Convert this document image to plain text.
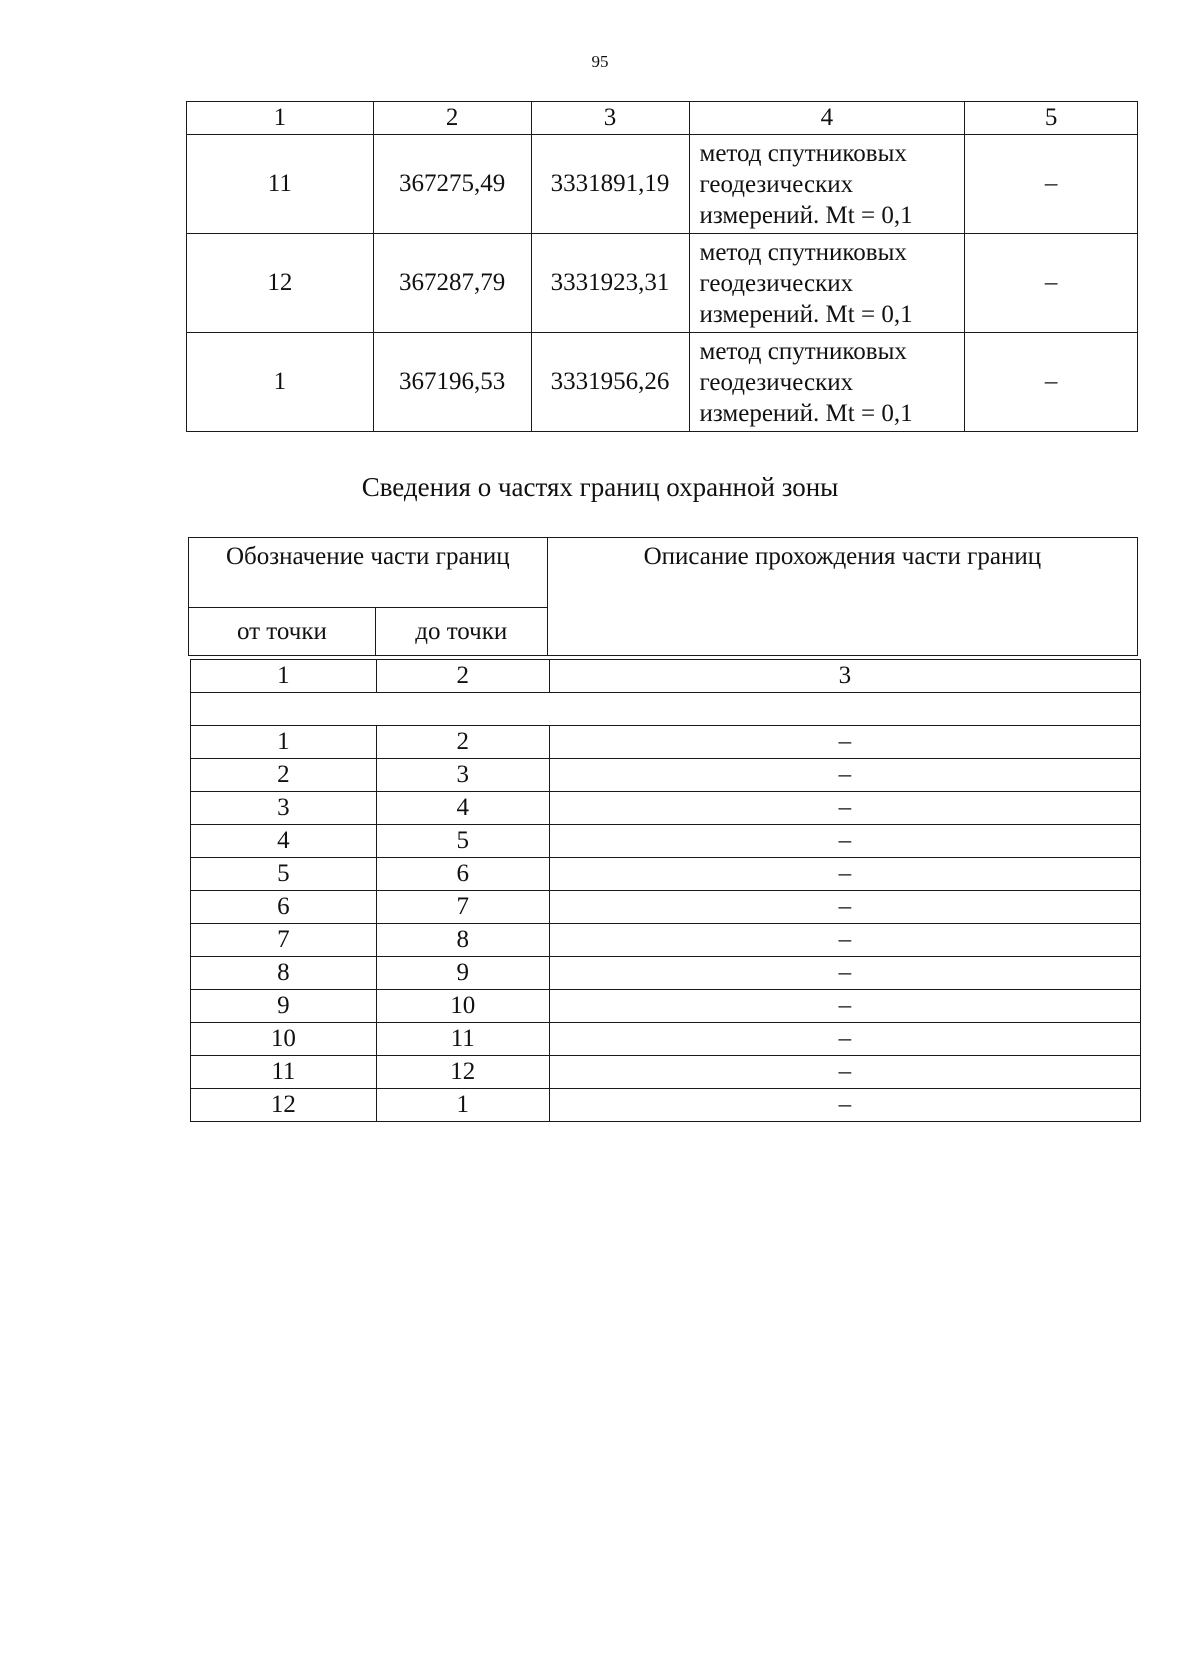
95
1	2	3	4	5
11	367275,49	3331891,19	метод спутниковых
геодезических
измерений. Mt = 0,1	–
12	367287,79	3331923,31	метод спутниковых
геодезических
измерений. Mt = 0,1	–
1	367196,53	3331956,26	метод спутниковых
геодезических
измерений. Mt = 0,1	–
Сведения о частях границ охранной зоны
Обозначение части границ		Описание прохождения части границ
от точки	до точки	
1	2	3

1	2	–
2	3	–
3	4	–
4	5	–
5	6	–
6	7	–
7	8	–
8	9	–
9	10	–
10	11	–
11	12	–
12	1	–
